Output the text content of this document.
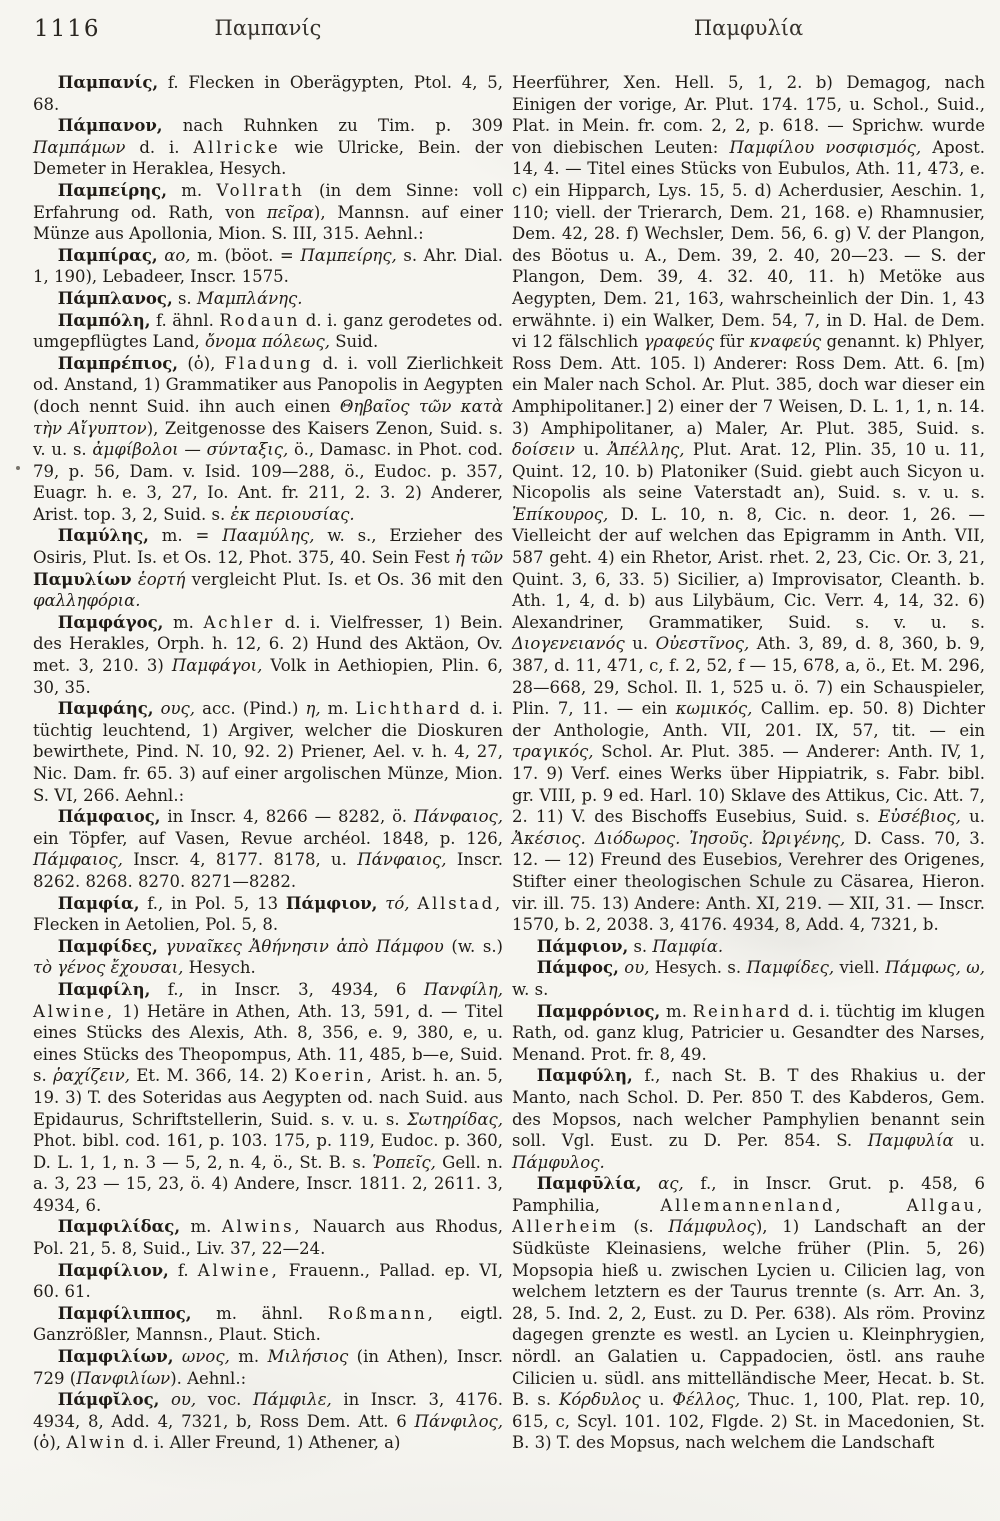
1116	Παμπανίς	Παμφυλία

Παμπανίς, f. Flecken in Oberägypten, Ptol. 4, 5, 68.

Πάμπανον, nach Ruhnken zu Tim. p. 309 Παμπάμων d. i. Allricke wie Ulricke, Bein. der Demeter in Heraklea, Hesych.

Παμπείρης, m. Vollrath (in dem Sinne: voll Erfahrung od. Rath, von πεῖρα), Mannsn. auf einer Münze aus Apollonia, Mion. S. III, 315. Aehnl.:

Παμπίρας, αο, m. (böot. = Παμπείρης, s. Ahr. Dial. 1, 190), Lebadeer, Inscr. 1575.

Πάμπλανος, s. Μαμπλάνης.

Παμπόλη, f. ähnl. Rodaun d. i. ganz gerodetes od. umgepflügtes Land, ὄνομα πόλεως, Suid.

Παμπρέπιος, (ὁ), Fladung d. i. voll Zierlichkeit od. Anstand, 1) Grammatiker aus Panopolis in Aegypten (doch nennt Suid. ihn auch einen Θηβαῖος τῶν κατὰ τὴν Αἴγυπτον), Zeitgenosse des Kaisers Zenon, Suid. s. v. u. s. ἀμφίβολοι — σύνταξις, ö., Damasc. in Phot. cod. 79, p. 56, Dam. v. Isid. 109—288, ö., Eudoc. p. 357, Euagr. h. e. 3, 27, Io. Ant. fr. 211, 2. 3. 2) Anderer, Arist. top. 3, 2, Suid. s. ἐκ περιουσίας.

Παμύλης, m. = Πααμύλης, w. s., Erzieher des Osiris, Plut. Is. et Os. 12, Phot. 375, 40. Sein Fest ἡ τῶν Παμυλίων ἑορτή vergleicht Plut. Is. et Os. 36 mit den φαλληφόρια.

Παμφάγος, m. Achler d. i. Vielfresser, 1) Bein. des Herakles, Orph. h. 12, 6. 2) Hund des Aktäon, Ov. met. 3, 210. 3) Παμφάγοι, Volk in Aethiopien, Plin. 6, 30, 35.

Παμφάης, ους, acc. (Pind.) η, m. Lichthard d. i. tüchtig leuchtend, 1) Argiver, welcher die Dioskuren bewirthete, Pind. N. 10, 92. 2) Priener, Ael. v. h. 4, 27, Nic. Dam. fr. 65. 3) auf einer argolischen Münze, Mion. S. VI, 266. Aehnl.:

Πάμφαιος, in Inscr. 4, 8266 — 8282, ö. Πάνφαιος, ein Töpfer, auf Vasen, Revue archéol. 1848, p. 126, Πάμφαιος, Inscr. 4, 8177. 8178, u. Πάνφαιος, Inscr. 8262. 8268. 8270. 8271—8282.

Παμφία, f., in Pol. 5, 13 Πάμφιον, τό, Allstad, Flecken in Aetolien, Pol. 5, 8.

Παμφίδες, γυναῖκες Ἀθήνησιν ἀπὸ Πάμφου (w. s.) τὸ γένος ἔχουσαι, Hesych.

Παμφίλη, f., in Inscr. 3, 4934, 6 Πανφίλη, Alwine, 1) Hetäre in Athen, Ath. 13, 591, d. — Titel eines Stücks des Alexis, Ath. 8, 356, e. 9, 380, e, u. eines Stücks des Theopompus, Ath. 11, 485, b—e, Suid. s. ῥαχίζειν, Et. M. 366, 14. 2) Koerin, Arist. h. an. 5, 19. 3) T. des Soteridas aus Aegypten od. nach Suid. aus Epidaurus, Schriftstellerin, Suid. s. v. u. s. Σωτηρίδας, Phot. bibl. cod. 161, p. 103. 175, p. 119, Eudoc. p. 360, D. L. 1, 1, n. 3 — 5, 2, n. 4, ö., St. B. s. Ῥοπεῖς, Gell. n. a. 3, 23 — 15, 23, ö. 4) Andere, Inscr. 1811. 2, 2611. 3, 4934, 6.

Παμφιλίδας, m. Alwins, Nauarch aus Rhodus, Pol. 21, 5. 8, Suid., Liv. 37, 22—24.

Παμφίλιον, f. Alwine, Frauenn., Pallad. ep. VI, 60. 61.

Παμφίλιππος, m. ähnl. Roßmann, eigtl. Ganzrößler, Mannsn., Plaut. Stich.

Παμφιλίων, ωνος, m. Μιλήσιος (in Athen), Inscr. 729 (Πανφιλίων). Aehnl.:

Πάμφῐλος, ου, voc. Πάμφιλε, in Inscr. 3, 4176. 4934, 8, Add. 4, 7321, b, Ross Dem. Att. 6 Πάνφιλος, (ὁ), Alwin d. i. Aller Freund, 1) Athener, a)

Heerführer, Xen. Hell. 5, 1, 2. b) Demagog, nach Einigen der vorige, Ar. Plut. 174. 175, u. Schol., Suid., Plat. in Mein. fr. com. 2, 2, p. 618. — Sprichw. wurde von diebischen Leuten: Παμφίλου νοσφισμός, Apost. 14, 4. — Titel eines Stücks von Eubulos, Ath. 11, 473, e. c) ein Hipparch, Lys. 15, 5. d) Acherdusier, Aeschin. 1, 110; viell. der Trierarch, Dem. 21, 168. e) Rhamnusier, Dem. 42, 28. f) Wechsler, Dem. 56, 6. g) V. der Plangon, des Böotus u. A., Dem. 39, 2. 40, 20—23. — S. der Plangon, Dem. 39, 4. 32. 40, 11. h) Metöke aus Aegypten, Dem. 21, 163, wahrscheinlich der Din. 1, 43 erwähnte. i) ein Walker, Dem. 54, 7, in D. Hal. de Dem. vi 12 fälschlich γραφεύς für κναφεύς genannt. k) Phlyer, Ross Dem. Att. 105. l) Anderer: Ross Dem. Att. 6. [m) ein Maler nach Schol. Ar. Plut. 385, doch war dieser ein Amphipolitaner.] 2) einer der 7 Weisen, D. L. 1, 1, n. 14. 3) Amphipolitaner, a) Maler, Ar. Plut. 385, Suid. s. δοίσειν u. Ἀπέλλης, Plut. Arat. 12, Plin. 35, 10 u. 11, Quint. 12, 10. b) Platoniker (Suid. giebt auch Sicyon u. Nicopolis als seine Vaterstadt an), Suid. s. v. u. s. Ἐπίκουρος, D. L. 10, n. 8, Cic. n. deor. 1, 26. — Vielleicht der auf welchen das Epigramm in Anth. VII, 587 geht. 4) ein Rhetor, Arist. rhet. 2, 23, Cic. Or. 3, 21, Quint. 3, 6, 33. 5) Sicilier, a) Improvisator, Cleanth. b. Ath. 1, 4, d. b) aus Lilybäum, Cic. Verr. 4, 14, 32. 6) Alexandriner, Grammatiker, Suid. s. v. u. s. Διογενειανός u. Οὐεστῖνος, Ath. 3, 89, d. 8, 360, b. 9, 387, d. 11, 471, c, f. 2, 52, f — 15, 678, a, ö., Et. M. 296, 28—668, 29, Schol. Il. 1, 525 u. ö. 7) ein Schauspieler, Plin. 7, 11. — ein κωμικός, Callim. ep. 50. 8) Dichter der Anthologie, Anth. VII, 201. IX, 57, tit. — ein τραγικός, Schol. Ar. Plut. 385. — Anderer: Anth. IV, 1, 17. 9) Verf. eines Werks über Hippiatrik, s. Fabr. bibl. gr. VIII, p. 9 ed. Harl. 10) Sklave des Attikus, Cic. Att. 7, 2. 11) V. des Bischoffs Eusebius, Suid. s. Εὐσέβιος, u. Ἀκέσιος. Διόδωρος. Ἰησοῦς. Ὠριγένης, D. Cass. 70, 3. 12. — 12) Freund des Eusebios, Verehrer des Origenes, Stifter einer theologischen Schule zu Cäsarea, Hieron. vir. ill. 75. 13) Andere: Anth. XI, 219. — XII, 31. — Inscr. 1570, b. 2, 2038. 3, 4176. 4934, 8, Add. 4, 7321, b.

Πάμφιον, s. Παμφία.

Πάμφος, ου, Hesych. s. Παμφίδες, viell. Πάμφως, ω, w. s.

Παμφρόνιος, m. Reinhard d. i. tüchtig im klugen Rath, od. ganz klug, Patricier u. Gesandter des Narses, Menand. Prot. fr. 8, 49.

Παμφύλη, f., nach St. B. T des Rhakius u. der Manto, nach Schol. D. Per. 850 T. des Kabderos, Gem. des Mopsos, nach welcher Pamphylien benannt sein soll. Vgl. Eust. zu D. Per. 854. S. Παμφυλία u. Πάμφυλος.

Παμφῡλία, ας, f., in Inscr. Grut. p. 458, 6 Pamphilia, Allemannenland, Allgau, Allerheim (s. Πάμφυλος), 1) Landschaft an der Südküste Kleinasiens, welche früher (Plin. 5, 26) Mopsopia hieß u. zwischen Lycien u. Cilicien lag, von welchem letztern es der Taurus trennte (s. Arr. An. 3, 28, 5. Ind. 2, 2, Eust. zu D. Per. 638). Als röm. Provinz dagegen grenzte es westl. an Lycien u. Kleinphrygien, nördl. an Galatien u. Cappadocien, östl. ans rauhe Cilicien u. südl. ans mittelländische Meer, Hecat. b. St. B. s. Κόρδυλος u. Φέλλος, Thuc. 1, 100, Plat. rep. 10, 615, c, Scyl. 101. 102, Flgde. 2) St. in Macedonien, St. B. 3) T. des Mopsus, nach welchem die Landschaft
